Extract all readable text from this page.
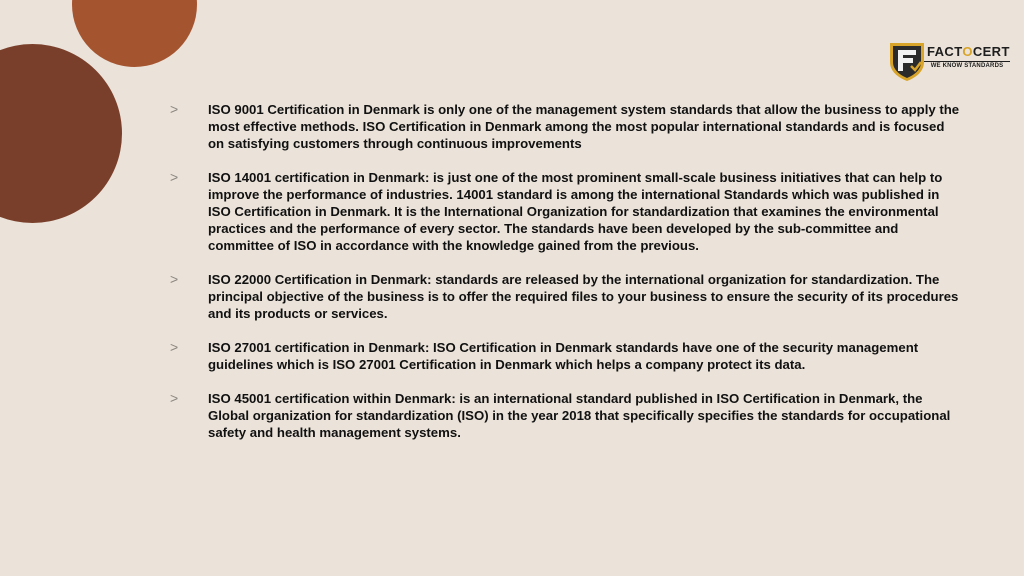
FACTOCERT
WE KNOW STANDARDS
>	ISO 9001 Certification in Denmark is only one of the management system standards that allow the business to apply the most effective methods. ISO Certification in Denmark among the most popular international standards and is focused on satisfying customers through continuous improvements
>	ISO 14001 certification in Denmark: is just one of the most prominent small-scale business initiatives that can help to improve the performance of industries. 14001 standard is among the international Standards which was published in ISO Certification in Denmark. It is the International Organization for standardization that examines the environmental practices and the performance of every sector. The standards have been developed by the sub-committee and committee of ISO in accordance with the knowledge gained from the previous.
>	ISO 22000 Certification in Denmark: standards are released by the international organization for standardization. The principal objective of the business is to offer the required files to your business to ensure the security of its procedures and its products or services.
>	ISO 27001 certification in Denmark: ISO Certification in Denmark standards have one of the security management guidelines which is ISO 27001 Certification in Denmark which helps a company protect its data.
>	ISO 45001 certification within Denmark: is an international standard published in ISO Certification in Denmark, the Global organization for standardization (ISO) in the year 2018 that specifically specifies the standards for occupational safety and health management systems.
